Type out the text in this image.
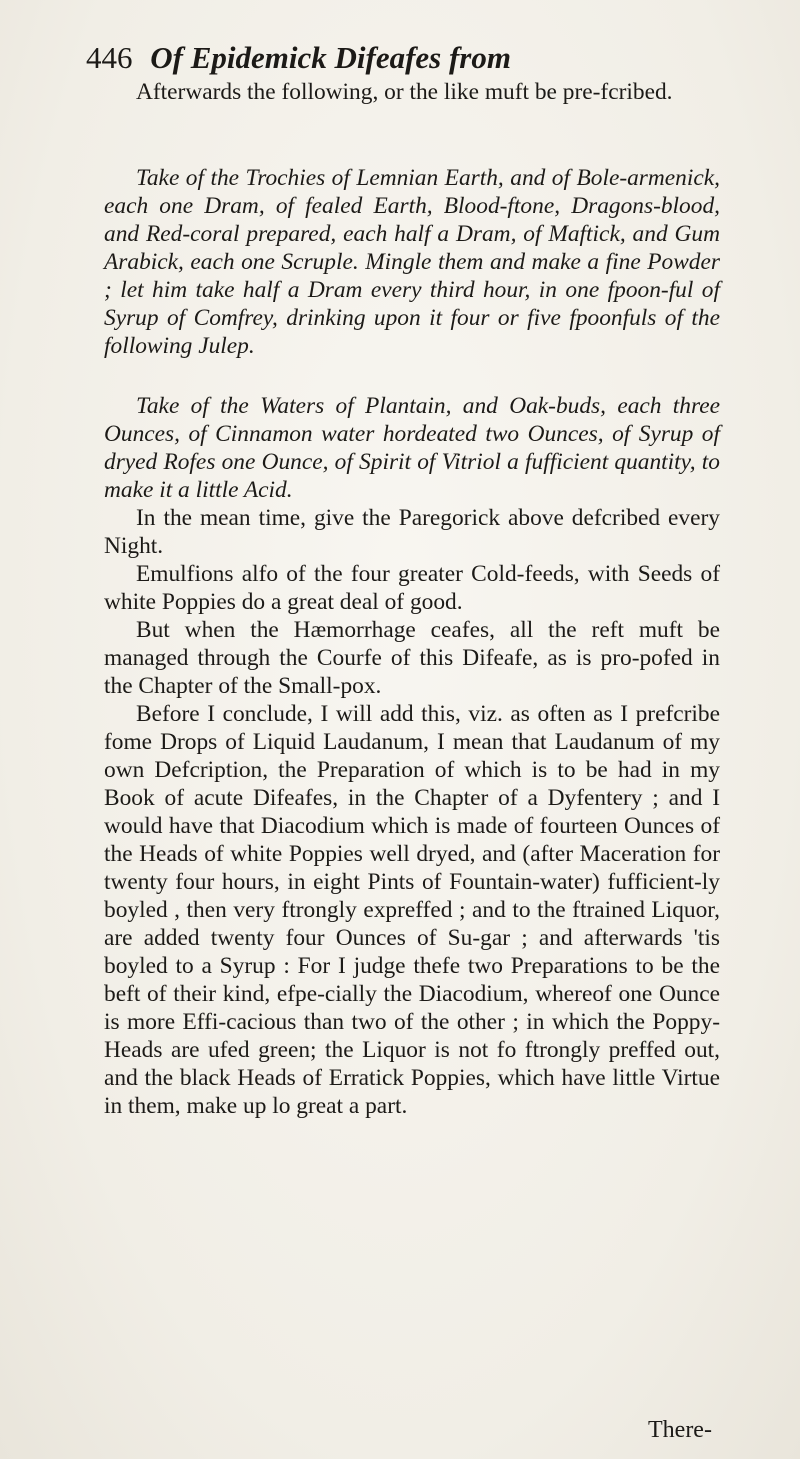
446 Of Epidemick Difeafes from

Afterwards the following, or the like muft be pre-fcribed.

Take of the Trochies of Lemnian Earth, and of Bole-armenick, each one Dram, of fealed Earth, Blood-ftone, Dragons-blood, and Red-coral prepared, each half a Dram, of Maftick, and Gum Arabick, each one Scruple. Mingle them and make a fine Powder ; let him take half a Dram every third hour, in one fpoon-ful of Syrup of Comfrey, drinking upon it four or five fpoonfuls of the following Julep.

Take of the Waters of Plantain, and Oak-buds, each three Ounces, of Cinnamon water hordeated two Ounces, of Syrup of dryed Rofes one Ounce, of Spirit of Vitriol a fufficient quantity, to make it a little Acid.

In the mean time, give the Paregorick above defcribed every Night.

Emulfions alfo of the four greater Cold-feeds, with Seeds of white Poppies do a great deal of good.

But when the Hæmorrhage ceafes, all the reft muft be managed through the Courfe of this Difeafe, as is pro-pofed in the Chapter of the Small-pox.

Before I conclude, I will add this, viz. as often as I prefcribe fome Drops of Liquid Laudanum, I mean that Laudanum of my own Defcription, the Preparation of which is to be had in my Book of acute Difeafes, in the Chapter of a Dyfentery ; and I would have that Diacodium which is made of fourteen Ounces of the Heads of white Poppies well dryed, and (after Maceration for twenty four hours, in eight Pints of Fountain-water) fufficient-ly boyled , then very ftrongly expreffed ; and to the ftrained Liquor, are added twenty four Ounces of Su-gar ; and afterwards 'tis boyled to a Syrup : For I judge thefe two Preparations to be the beft of their kind, efpe-cially the Diacodium, whereof one Ounce is more Effi-cacious than two of the other ; in which the Poppy-Heads are ufed green; the Liquor is not fo ftrongly preffed out, and the black Heads of Erratick Poppies, which have little Virtue in them, make up lo great a part.

There-
